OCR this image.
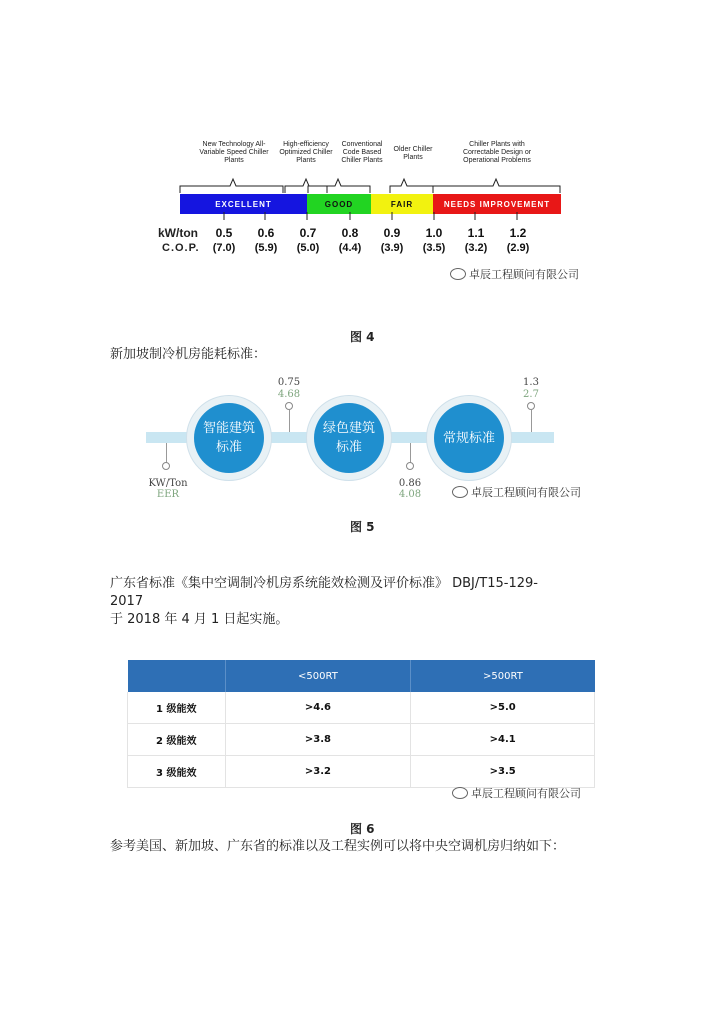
New Technology All-Variable Speed Chiller Plants
High-efficiency Optimized Chiller Plants
Conventional Code Based Chiller Plants
Older Chiller Plants
Chiller Plants with Correctable Design or Operational Problems
EXCELLENT	GOOD	FAIR	NEEDS IMPROVEMENT
kW/ton
C.O.P.
0.5	0.6	0.7	0.8	0.9	1.0	1.1	1.2
(7.0)	(5.9)	(5.0)	(4.4)	(3.9)	(3.5)	(3.2)	(2.9)
卓辰工程顾问有限公司
图 4
新加坡制冷机房能耗标准：
0.75
4.68
1.3
2.7
KW/Ton
EER
0.86
4.08
智能建筑
标准
绿色建筑
标准
常规标准
卓辰工程顾问有限公司
图 5
广东省标准《集中空调制冷机房系统能效检测及评价标准》 DBJ/T15-129-
2017
于 2018 年 4 月 1 日起实施。
	<500RT	>500RT
1 级能效	>4.6	>5.0
2 级能效	>3.8	>4.1
3 级能效	>3.2	>3.5
卓辰工程顾问有限公司
图 6
参考美国、新加坡、广东省的标准以及工程实例可以将中央空调机房归纳如下：
